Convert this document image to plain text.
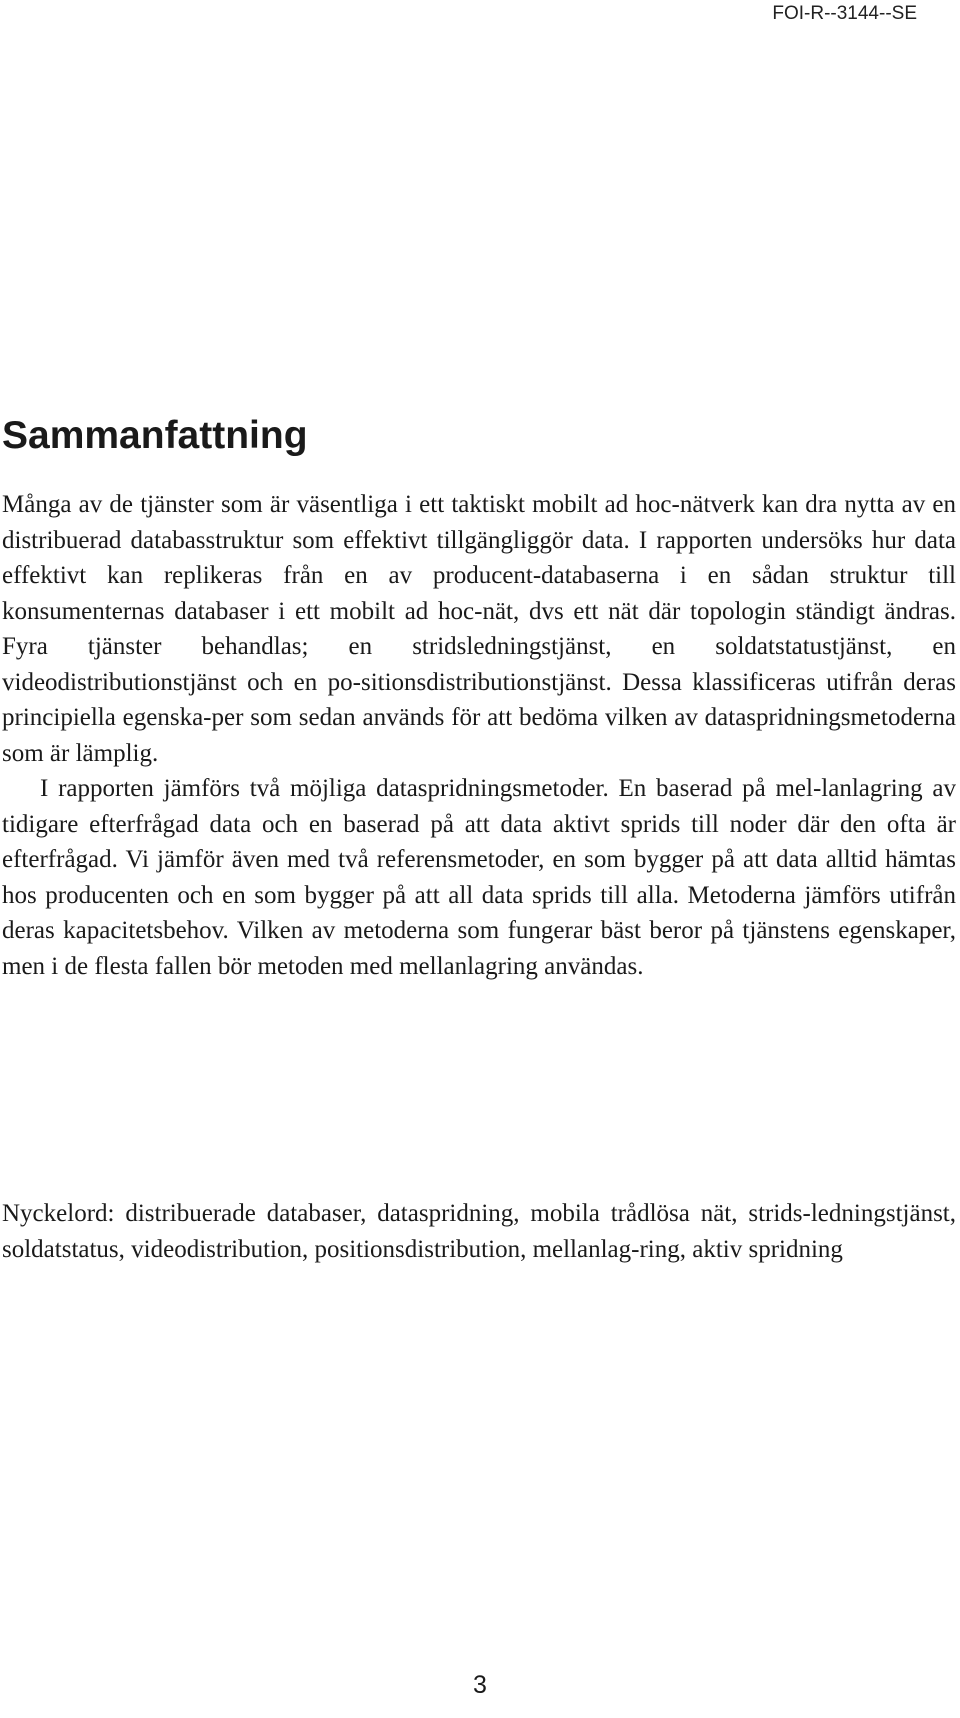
FOI-R--3144--SE
Sammanfattning

Många av de tjänster som är väsentliga i ett taktiskt mobilt ad hoc-nätverk kan dra nytta av en distribuerad databasstruktur som effektivt tillgängliggör data. I rapporten undersöks hur data effektivt kan replikeras från en av producent-databaserna i en sådan struktur till konsumenternas databaser i ett mobilt ad hoc-nät, dvs ett nät där topologin ständigt ändras. Fyra tjänster behandlas; en stridsledningstjänst, en soldatstatustjänst, en videodistributionstjänst och en po-sitionsdistributionstjänst. Dessa klassificeras utifrån deras principiella egenska-per som sedan används för att bedöma vilken av dataspridningsmetoderna som är lämplig.

I rapporten jämförs två möjliga dataspridningsmetoder. En baserad på mel-lanlagring av tidigare efterfrågad data och en baserad på att data aktivt sprids till noder där den ofta är efterfrågad. Vi jämför även med två referensmetoder, en som bygger på att data alltid hämtas hos producenten och en som bygger på att all data sprids till alla. Metoderna jämförs utifrån deras kapacitetsbehov. Vilken av metoderna som fungerar bäst beror på tjänstens egenskaper, men i de flesta fallen bör metoden med mellanlagring användas.

Nyckelord: distribuerade databaser, dataspridning, mobila trådlösa nät, strids-ledningstjänst, soldatstatus, videodistribution, positionsdistribution, mellanlag-ring, aktiv spridning

3
